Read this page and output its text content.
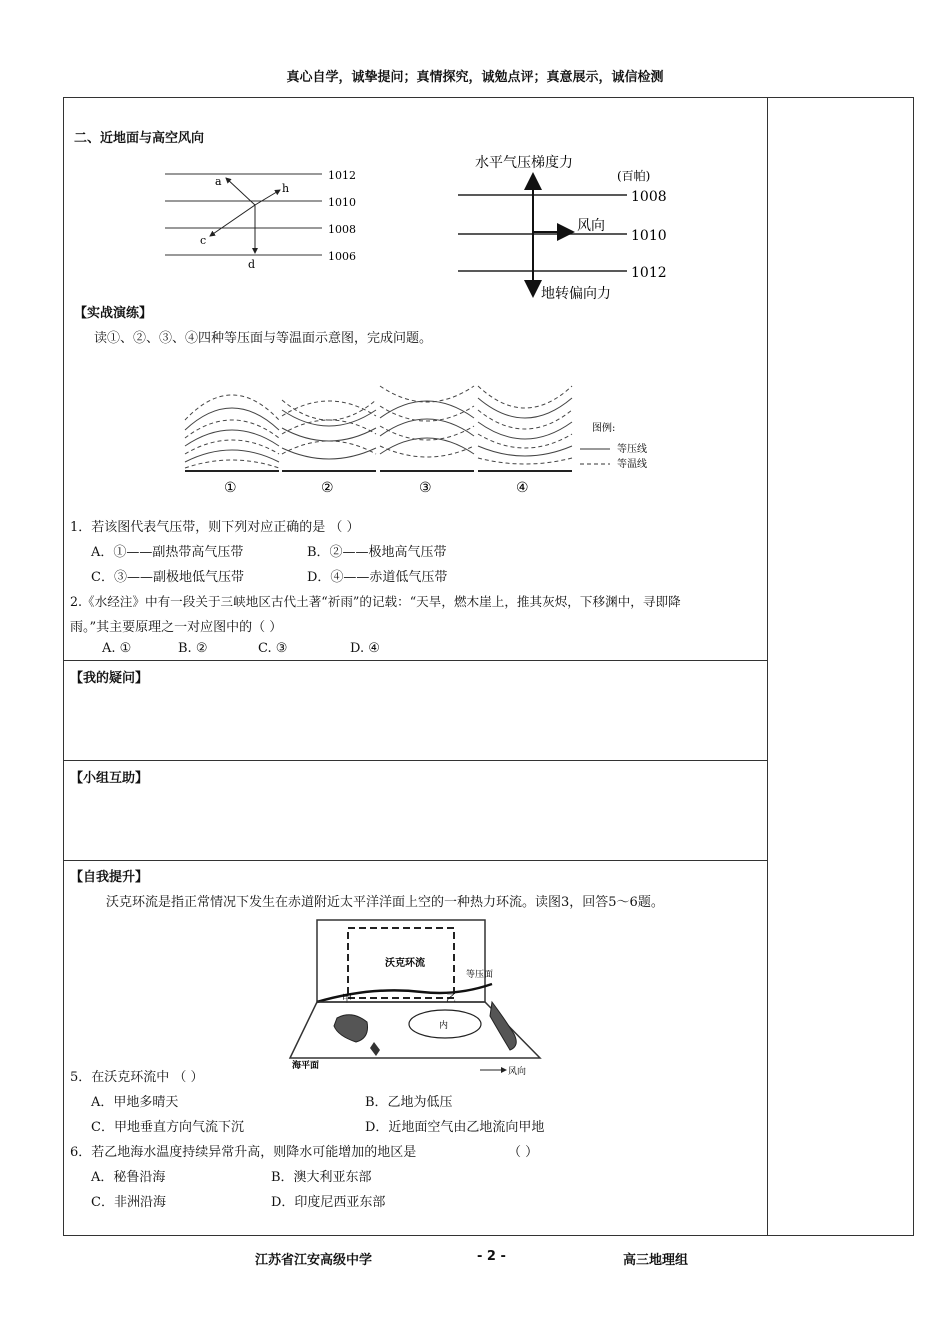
真心自学，诚挚提问；真情探究，诚勉点评；真意展示，诚信检测
二、近地面与高空风向
1012
1010
1008
1006
a
h
c
d
水平气压梯度力
(百帕)
1008
1010
1012
风向
地转偏向力
【实战演练】
读①、②、③、④四种等压面与等温面示意图，完成问题。
①	②	③	④
图例:
等压线
等温线
1．若该图代表气压带，则下列对应正确的是 （ ）
A．①——副热带高气压带	B．②——极地高气压带
C．③——副极地低气压带	D．④——赤道低气压带
2.《水经注》中有一段关于三峡地区古代土著“祈雨”的记载：“天旱，燃木崖上，推其灰烬，下移渊中，寻即降
雨。”其主要原理之一对应图中的（ ）
A. ①	B. ②	C. ③	D. ④
【我的疑问】
【小组互助】
【自我提升】
沃克环流是指正常情况下发生在赤道附近太平洋洋面上空的一种热力环流。读图3，回答5～6题。
沃克环流
等压面
甲	乙
内
海平面
风向
5．在沃克环流中 （ ）
A．甲地多晴天	B．乙地为低压
C．甲地垂直方向气流下沉	D．近地面空气由乙地流向甲地
6．若乙地海水温度持续异常升高，则降水可能增加的地区是	（ ）
A．秘鲁沿海	B．澳大利亚东部
C．非洲沿海	D．印度尼西亚东部
江苏省江安高级中学	- 2 -	高三地理组
